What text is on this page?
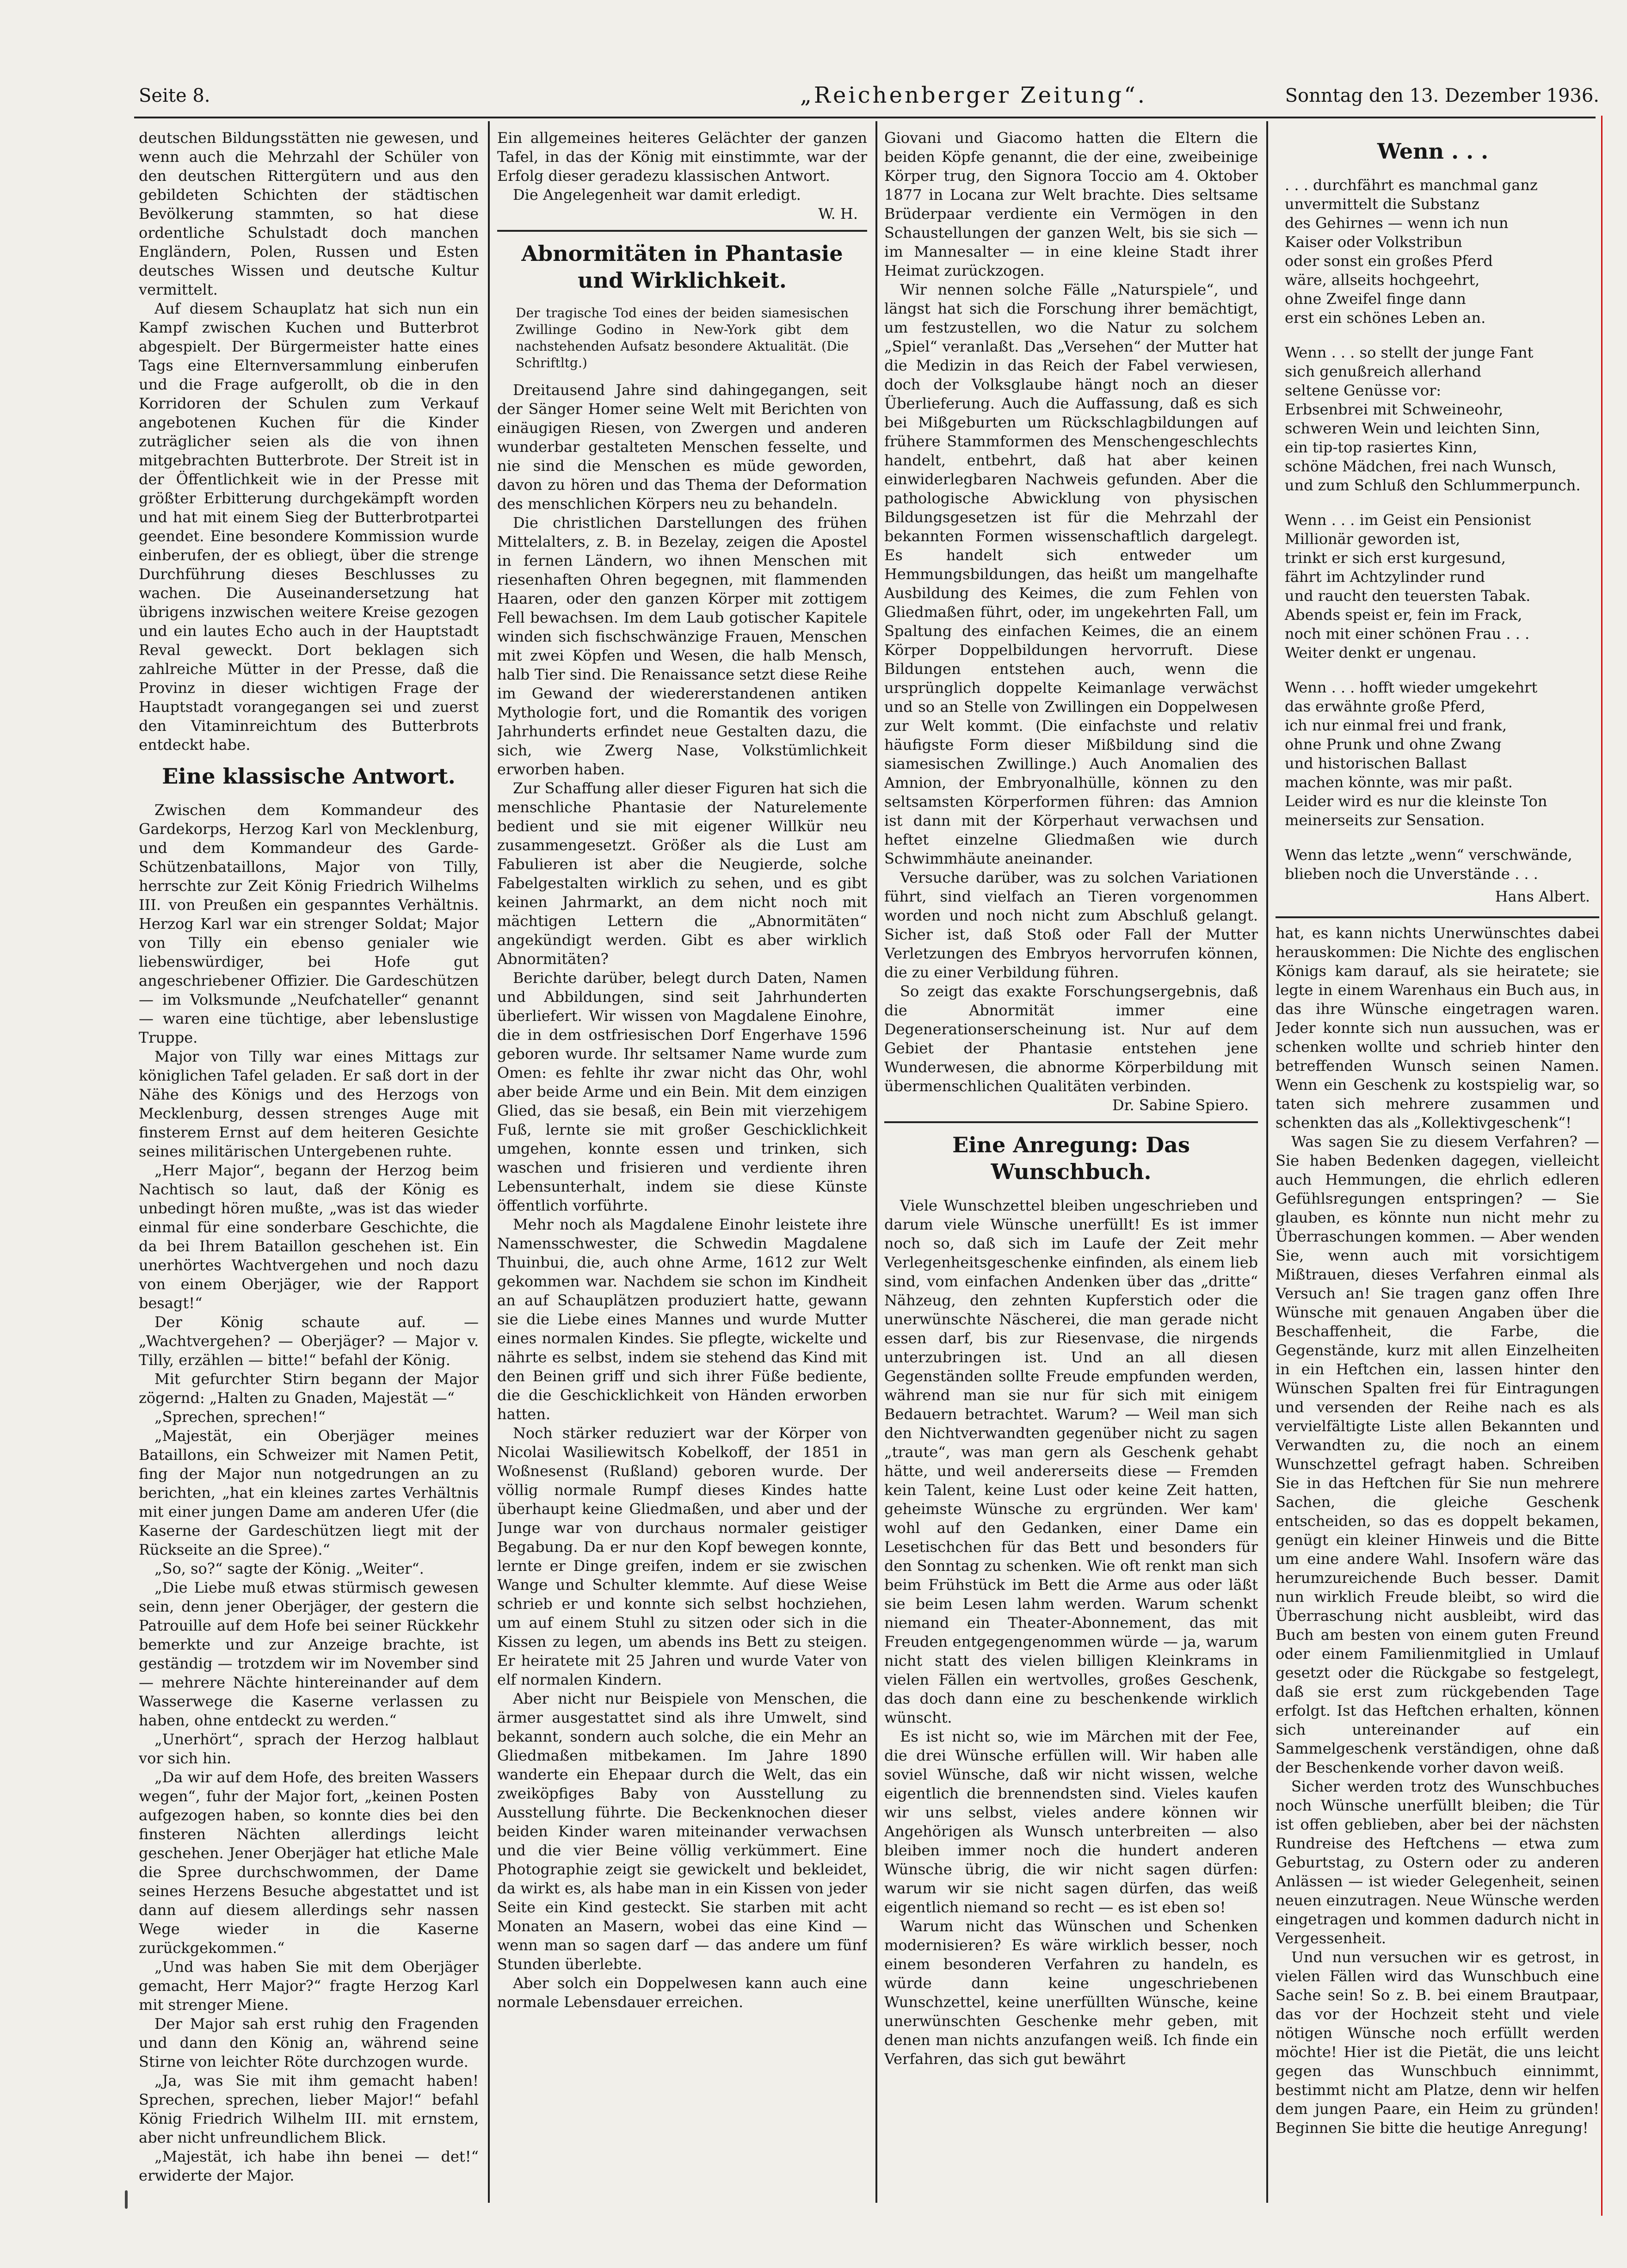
Seite 8.	„Reichenberger Zeitung“.	Sonntag den 13. Dezember 1936.

deutschen Bildungsstätten nie gewesen, und wenn auch die Mehrzahl der Schüler von den deutschen Rittergütern und aus den gebildeten Schichten der städtischen Bevölkerung stammten, so hat diese ordentliche Schulstadt doch manchen Engländern, Polen, Russen und Esten deutsches Wissen und deutsche Kultur vermittelt.

Auf diesem Schauplatz hat sich nun ein Kampf zwischen Kuchen und Butterbrot abgespielt. Der Bürgermeister hatte eines Tags eine Elternversammlung einberufen und die Frage aufgerollt, ob die in den Korridoren der Schulen zum Verkauf angebotenen Kuchen für die Kinder zuträglicher seien als die von ihnen mitgebrachten Butterbrote. Der Streit ist in der Öffentlichkeit wie in der Presse mit größter Erbitterung durchgekämpft worden und hat mit einem Sieg der Butterbrotpartei geendet. Eine besondere Kommission wurde einberufen, der es obliegt, über die strenge Durchführung dieses Beschlusses zu wachen. Die Auseinandersetzung hat übrigens inzwischen weitere Kreise gezogen und ein lautes Echo auch in der Hauptstadt Reval geweckt. Dort beklagen sich zahlreiche Mütter in der Presse, daß die Provinz in dieser wichtigen Frage der Hauptstadt vorangegangen sei und zuerst den Vitaminreichtum des Butterbrots entdeckt habe.

Eine klassische Antwort.

Zwischen dem Kommandeur des Gardekorps, Herzog Karl von Mecklenburg, und dem Kommandeur des Garde-Schützenbataillons, Major von Tilly, herrschte zur Zeit König Friedrich Wilhelms III. von Preußen ein gespanntes Verhältnis. Herzog Karl war ein strenger Soldat; Major von Tilly ein ebenso genialer wie liebenswürdiger, bei Hofe gut angeschriebener Offizier. Die Gardeschützen — im Volksmunde „Neufchateller“ genannt — waren eine tüchtige, aber lebenslustige Truppe.

Major von Tilly war eines Mittags zur königlichen Tafel geladen. Er saß dort in der Nähe des Königs und des Herzogs von Mecklenburg, dessen strenges Auge mit finsterem Ernst auf dem heiteren Gesichte seines militärischen Untergebenen ruhte.

„Herr Major“, begann der Herzog beim Nachtisch so laut, daß der König es unbedingt hören mußte, „was ist das wieder einmal für eine sonderbare Geschichte, die da bei Ihrem Bataillon geschehen ist. Ein unerhörtes Wachtvergehen und noch dazu von einem Oberjäger, wie der Rapport besagt!“

Der König schaute auf. — „Wachtvergehen? — Oberjäger? — Major v. Tilly, erzählen — bitte!“ befahl der König.

Mit gefurchter Stirn begann der Major zögernd: „Halten zu Gnaden, Majestät —“

„Sprechen, sprechen!“

„Majestät, ein Oberjäger meines Bataillons, ein Schweizer mit Namen Petit, fing der Major nun notgedrungen an zu berichten, „hat ein kleines zartes Verhältnis mit einer jungen Dame am anderen Ufer (die Kaserne der Gardeschützen liegt mit der Rückseite an die Spree).“

„So, so?“ sagte der König. „Weiter“.

„Die Liebe muß etwas stürmisch gewesen sein, denn jener Oberjäger, der gestern die Patrouille auf dem Hofe bei seiner Rückkehr bemerkte und zur Anzeige brachte, ist geständig — trotzdem wir im November sind — mehrere Nächte hintereinander auf dem Wasserwege die Kaserne verlassen zu haben, ohne entdeckt zu werden.“

„Unerhört“, sprach der Herzog halblaut vor sich hin.

„Da wir auf dem Hofe, des breiten Wassers wegen“, fuhr der Major fort, „keinen Posten aufgezogen haben, so konnte dies bei den finsteren Nächten allerdings leicht geschehen. Jener Oberjäger hat etliche Male die Spree durchschwommen, der Dame seines Herzens Besuche abgestattet und ist dann auf diesem allerdings sehr nassen Wege wieder in die Kaserne zurückgekommen.“

„Und was haben Sie mit dem Oberjäger gemacht, Herr Major?“ fragte Herzog Karl mit strenger Miene.

Der Major sah erst ruhig den Fragenden und dann den König an, während seine Stirne von leichter Röte durchzogen wurde.

„Ja, was Sie mit ihm gemacht haben! Sprechen, sprechen, lieber Major!“ befahl König Friedrich Wilhelm III. mit ernstem, aber nicht unfreundlichem Blick.

„Majestät, ich habe ihn benei — det!“ erwiderte der Major.

Ein allgemeines heiteres Gelächter der ganzen Tafel, in das der König mit einstimmte, war der Erfolg dieser geradezu klassischen Antwort.

Die Angelegenheit war damit erledigt.

W. H.
Abnormitäten in Phantasie und Wirklichkeit.
Der tragische Tod eines der beiden siamesischen Zwillinge Godino in New-York gibt dem nachstehenden Aufsatz besondere Aktualität. (Die Schriftltg.)

Dreitausend Jahre sind dahingegangen, seit der Sänger Homer seine Welt mit Berichten von einäugigen Riesen, von Zwergen und anderen wunderbar gestalteten Menschen fesselte, und nie sind die Menschen es müde geworden, davon zu hören und das Thema der Deformation des menschlichen Körpers neu zu behandeln.

Die christlichen Darstellungen des frühen Mittelalters, z. B. in Bezelay, zeigen die Apostel in fernen Ländern, wo ihnen Menschen mit riesenhaften Ohren begegnen, mit flammenden Haaren, oder den ganzen Körper mit zottigem Fell bewachsen. Im dem Laub gotischer Kapitele winden sich fischschwänzige Frauen, Menschen mit zwei Köpfen und Wesen, die halb Mensch, halb Tier sind. Die Renaissance setzt diese Reihe im Gewand der wiedererstandenen antiken Mythologie fort, und die Romantik des vorigen Jahrhunderts erfindet neue Gestalten dazu, die sich, wie Zwerg Nase, Volkstümlichkeit erworben haben.

Zur Schaffung aller dieser Figuren hat sich die menschliche Phantasie der Naturelemente bedient und sie mit eigener Willkür neu zusammengesetzt. Größer als die Lust am Fabulieren ist aber die Neugierde, solche Fabelgestalten wirklich zu sehen, und es gibt keinen Jahrmarkt, an dem nicht noch mit mächtigen Lettern die „Abnormitäten“ angekündigt werden. Gibt es aber wirklich Abnormitäten?

Berichte darüber, belegt durch Daten, Namen und Abbildungen, sind seit Jahrhunderten überliefert. Wir wissen von Magdalene Einohre, die in dem ostfriesischen Dorf Engerhave 1596 geboren wurde. Ihr seltsamer Name wurde zum Omen: es fehlte ihr zwar nicht das Ohr, wohl aber beide Arme und ein Bein. Mit dem einzigen Glied, das sie besaß, ein Bein mit vierzehigem Fuß, lernte sie mit großer Geschicklichkeit umgehen, konnte essen und trinken, sich waschen und frisieren und verdiente ihren Lebensunterhalt, indem sie diese Künste öffentlich vorführte.

Mehr noch als Magdalene Einohr leistete ihre Namensschwester, die Schwedin Magdalene Thuinbui, die, auch ohne Arme, 1612 zur Welt gekommen war. Nachdem sie schon im Kindheit an auf Schauplätzen produziert hatte, gewann sie die Liebe eines Mannes und wurde Mutter eines normalen Kindes. Sie pflegte, wickelte und nährte es selbst, indem sie stehend das Kind mit den Beinen griff und sich ihrer Füße bediente, die die Geschicklichkeit von Händen erworben hatten.

Noch stärker reduziert war der Körper von Nicolai Wasiliewitsch Kobelkoff, der 1851 in Woßnesenst (Rußland) geboren wurde. Der völlig normale Rumpf dieses Kindes hatte überhaupt keine Gliedmaßen, und aber und der Junge war von durchaus normaler geistiger Begabung. Da er nur den Kopf bewegen konnte, lernte er Dinge greifen, indem er sie zwischen Wange und Schulter klemmte. Auf diese Weise schrieb er und konnte sich selbst hochziehen, um auf einem Stuhl zu sitzen oder sich in die Kissen zu legen, um abends ins Bett zu steigen. Er heiratete mit 25 Jahren und wurde Vater von elf normalen Kindern.

Aber nicht nur Beispiele von Menschen, die ärmer ausgestattet sind als ihre Umwelt, sind bekannt, sondern auch solche, die ein Mehr an Gliedmaßen mitbekamen. Im Jahre 1890 wanderte ein Ehepaar durch die Welt, das ein zweiköpfiges Baby von Ausstellung zu Ausstellung führte. Die Beckenknochen dieser beiden Kinder waren miteinander verwachsen und die vier Beine völlig verkümmert. Eine Photographie zeigt sie gewickelt und bekleidet, da wirkt es, als habe man in ein Kissen von jeder Seite ein Kind gesteckt. Sie starben mit acht Monaten an Masern, wobei das eine Kind — wenn man so sagen darf — das andere um fünf Stunden überlebte.

Aber solch ein Doppelwesen kann auch eine normale Lebensdauer erreichen.

Giovani und Giacomo hatten die Eltern die beiden Köpfe genannt, die der eine, zweibeinige Körper trug, den Signora Toccio am 4. Oktober 1877 in Locana zur Welt brachte. Dies seltsame Brüderpaar verdiente ein Vermögen in den Schaustellungen der ganzen Welt, bis sie sich — im Mannesalter — in eine kleine Stadt ihrer Heimat zurückzogen.

Wir nennen solche Fälle „Naturspiele“, und längst hat sich die Forschung ihrer bemächtigt, um festzustellen, wo die Natur zu solchem „Spiel“ veranlaßt. Das „Versehen“ der Mutter hat die Medizin in das Reich der Fabel verwiesen, doch der Volksglaube hängt noch an dieser Überlieferung. Auch die Auffassung, daß es sich bei Mißgeburten um Rückschlagbildungen auf frühere Stammformen des Menschengeschlechts handelt, entbehrt, daß hat aber keinen einwiderlegbaren Nachweis gefunden. Aber die pathologische Abwicklung von physischen Bildungsgesetzen ist für die Mehrzahl der bekannten Formen wissenschaftlich dargelegt. Es handelt sich entweder um Hemmungsbildungen, das heißt um mangelhafte Ausbildung des Keimes, die zum Fehlen von Gliedmaßen führt, oder, im ungekehrten Fall, um Spaltung des einfachen Keimes, die an einem Körper Doppelbildungen hervorruft. Diese Bildungen entstehen auch, wenn die ursprünglich doppelte Keimanlage verwächst und so an Stelle von Zwillingen ein Doppelwesen zur Welt kommt. (Die einfachste und relativ häufigste Form dieser Mißbildung sind die siamesischen Zwillinge.) Auch Anomalien des Amnion, der Embryonalhülle, können zu den seltsamsten Körperformen führen: das Amnion ist dann mit der Körperhaut verwachsen und heftet einzelne Gliedmaßen wie durch Schwimmhäute aneinander.

Versuche darüber, was zu solchen Variationen führt, sind vielfach an Tieren vorgenommen worden und noch nicht zum Abschluß gelangt. Sicher ist, daß Stoß oder Fall der Mutter Verletzungen des Embryos hervorrufen können, die zu einer Verbildung führen.

So zeigt das exakte Forschungsergebnis, daß die Abnormität immer eine Degenerationserscheinung ist. Nur auf dem Gebiet der Phantasie entstehen jene Wunderwesen, die abnorme Körperbildung mit übermenschlichen Qualitäten verbinden.

Dr. Sabine Spiero.
Eine Anregung: Das Wunschbuch.

Viele Wunschzettel bleiben ungeschrieben und darum viele Wünsche unerfüllt! Es ist immer noch so, daß sich im Laufe der Zeit mehr Verlegenheitsgeschenke einfinden, als einem lieb sind, vom einfachen Andenken über das „dritte“ Nähzeug, den zehnten Kupferstich oder die unerwünschte Näscherei, die man gerade nicht essen darf, bis zur Riesenvase, die nirgends unterzubringen ist. Und an all diesen Gegenständen sollte Freude empfunden werden, während man sie nur für sich mit einigem Bedauern betrachtet. Warum? — Weil man sich den Nichtverwandten gegenüber nicht zu sagen „traute“, was man gern als Geschenk gehabt hätte, und weil andererseits diese — Fremden kein Talent, keine Lust oder keine Zeit hatten, geheimste Wünsche zu ergründen. Wer kam' wohl auf den Gedanken, einer Dame ein Lesetischchen für das Bett und besonders für den Sonntag zu schenken. Wie oft renkt man sich beim Frühstück im Bett die Arme aus oder läßt sie beim Lesen lahm werden. Warum schenkt niemand ein Theater-Abonnement, das mit Freuden entgegengenommen würde — ja, warum nicht statt des vielen billigen Kleinkrams in vielen Fällen ein wertvolles, großes Geschenk, das doch dann eine zu beschenkende wirklich wünscht.

Es ist nicht so, wie im Märchen mit der Fee, die drei Wünsche erfüllen will. Wir haben alle soviel Wünsche, daß wir nicht wissen, welche eigentlich die brennendsten sind. Vieles kaufen wir uns selbst, vieles andere können wir Angehörigen als Wunsch unterbreiten — also bleiben immer noch die hundert anderen Wünsche übrig, die wir nicht sagen dürfen: warum wir sie nicht sagen dürfen, das weiß eigentlich niemand so recht — es ist eben so!

Warum nicht das Wünschen und Schenken modernisieren? Es wäre wirklich besser, noch einem besonderen Verfahren zu handeln, es würde dann keine ungeschriebenen Wunschzettel, keine unerfüllten Wünsche, keine unerwünschten Geschenke mehr geben, mit denen man nichts anzufangen weiß. Ich finde ein Verfahren, das sich gut bewährt

Wenn . . .
. . . durchfährt es manchmal ganz
unvermittelt die Substanz
des Gehirnes — wenn ich nun
Kaiser oder Volkstribun
oder sonst ein großes Pferd
wäre, allseits hochgeehrt,
ohne Zweifel finge dann
erst ein schönes Leben an.
Wenn . . . so stellt der junge Fant
sich genußreich allerhand
seltene Genüsse vor:
Erbsenbrei mit Schweineohr,
schweren Wein und leichten Sinn,
ein tip-top rasiertes Kinn,
schöne Mädchen, frei nach Wunsch,
und zum Schluß den Schlummerpunch.
Wenn . . . im Geist ein Pensionist
Millionär geworden ist,
trinkt er sich erst kurgesund,
fährt im Achtzylinder rund
und raucht den teuersten Tabak.
Abends speist er, fein im Frack,
noch mit einer schönen Frau . . .
Weiter denkt er ungenau.
Wenn . . . hofft wieder umgekehrt
das erwähnte große Pferd,
ich nur einmal frei und frank,
ohne Prunk und ohne Zwang
und historischen Ballast
machen könnte, was mir paßt.
Leider wird es nur die kleinste Ton
meinerseits zur Sensation.
Wenn das letzte „wenn“ verschwände,
blieben noch die Unverstände . . .
Hans Albert.

hat, es kann nichts Unerwünschtes dabei herauskommen: Die Nichte des englischen Königs kam darauf, als sie heiratete; sie legte in einem Warenhaus ein Buch aus, in das ihre Wünsche eingetragen waren. Jeder konnte sich nun aussuchen, was er schenken wollte und schrieb hinter den betreffenden Wunsch seinen Namen. Wenn ein Geschenk zu kostspielig war, so taten sich mehrere zusammen und schenkten das als „Kollektivgeschenk“!

Was sagen Sie zu diesem Verfahren? — Sie haben Bedenken dagegen, vielleicht auch Hemmungen, die ehrlich edleren Gefühlsregungen entspringen? — Sie glauben, es könnte nun nicht mehr zu Überraschungen kommen. — Aber wenden Sie, wenn auch mit vorsichtigem Mißtrauen, dieses Verfahren einmal als Versuch an! Sie tragen ganz offen Ihre Wünsche mit genauen Angaben über die Beschaffenheit, die Farbe, die Gegenstände, kurz mit allen Einzelheiten in ein Heftchen ein, lassen hinter den Wünschen Spalten frei für Eintragungen und versenden der Reihe nach es als vervielfältigte Liste allen Bekannten und Verwandten zu, die noch an einem Wunschzettel gefragt haben. Schreiben Sie in das Heftchen für Sie nun mehrere Sachen, die gleiche Geschenk entscheiden, so das es doppelt bekamen, genügt ein kleiner Hinweis und die Bitte um eine andere Wahl. Insofern wäre das herumzureichende Buch besser. Damit nun wirklich Freude bleibt, so wird die Überraschung nicht ausbleibt, wird das Buch am besten von einem guten Freund oder einem Familienmitglied in Umlauf gesetzt oder die Rückgabe so festgelegt, daß sie erst zum rückgebenden Tage erfolgt. Ist das Heftchen erhalten, können sich untereinander auf ein Sammelgeschenk verständigen, ohne daß der Beschenkende vorher davon weiß.

Sicher werden trotz des Wunschbuches noch Wünsche unerfüllt bleiben; die Tür ist offen geblieben, aber bei der nächsten Rundreise des Heftchens — etwa zum Geburtstag, zu Ostern oder zu anderen Anlässen — ist wieder Gelegenheit, seinen neuen einzutragen. Neue Wünsche werden eingetragen und kommen dadurch nicht in Vergessenheit.

Und nun versuchen wir es getrost, in vielen Fällen wird das Wunschbuch eine Sache sein! So z. B. bei einem Brautpaar, das vor der Hochzeit steht und viele nötigen Wünsche noch erfüllt werden möchte! Hier ist die Pietät, die uns leicht gegen das Wunschbuch einnimmt, bestimmt nicht am Platze, denn wir helfen dem jungen Paare, ein Heim zu gründen! Beginnen Sie bitte die heutige Anregung!
